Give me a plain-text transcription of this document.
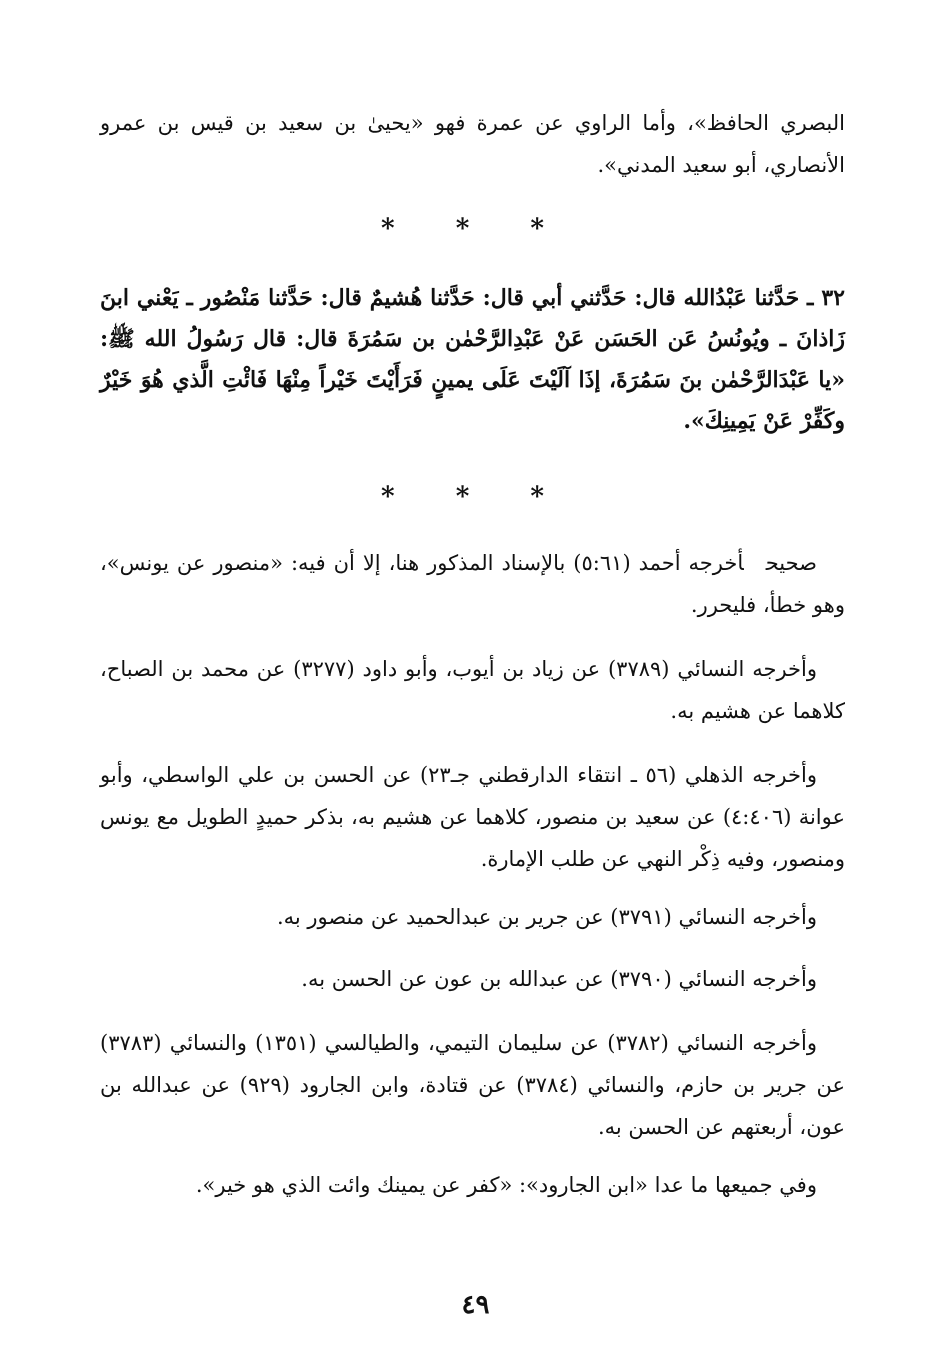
البصري الحافظ»، وأما الراوي عن عمرة فهو «يحيىٰ بن سعيد بن قيس بن عمرو الأنصاري، أبو سعيد المدني».

* * *

٣٢ ـ حَدَّثنا عَبْدُالله قال: حَدَّثني أبي قال: حَدَّثنا هُشيمٌ قال: حَدَّثنا مَنْصُور ـ يَعْني ابنَ زَاذانَ ـ ويُونُسُ عَن الحَسَن عَنْ عَبْدِالرَّحْمٰن بن سَمُرَةَ قال: قال رَسُولُ الله ﷺ: «يا عَبْدَالرَّحْمٰن بنَ سَمُرَةَ، إذَا آلَيْتَ عَلَى يمينٍ فَرَأَيْتَ خَيْراً مِنْهَا فَائْتِ الَّذي هُوَ خَيْرٌ وكَفِّرْ عَنْ يَمِينِكَ».

* * *

صحيحأخرجه أحمد (٥:٦١) بالإسناد المذكور هنا، إلا أن فيه: «منصور عن يونس»، وهو خطأ، فليحرر.

وأخرجه النسائي (٣٧٨٩) عن زياد بن أيوب، وأبو داود (٣٢٧٧) عن محمد بن الصباح، كلاهما عن هشيم به.

وأخرجه الذهلي (٥٦ ـ انتقاء الدارقطني جـ٢٣) عن الحسن بن علي الواسطي، وأبو عوانة (٤:٤٠٦) عن سعيد بن منصور، كلاهما عن هشيم به، بذكر حميدٍ الطويل مع يونس ومنصور، وفيه ذِكْر النهي عن طلب الإمارة.

وأخرجه النسائي (٣٧٩١) عن جرير بن عبدالحميد عن منصور به.

وأخرجه النسائي (٣٧٩٠) عن عبدالله بن عون عن الحسن به.

وأخرجه النسائي (٣٧٨٢) عن سليمان التيمي، والطيالسي (١٣٥١) والنسائي (٣٧٨٣) عن جرير بن حازم، والنسائي (٣٧٨٤) عن قتادة، وابن الجارود (٩٢٩) عن عبدالله بن عون، أربعتهم عن الحسن به.

وفي جميعها ما عدا «ابن الجارود»: «كفر عن يمينك وائت الذي هو خير».

٤٩
